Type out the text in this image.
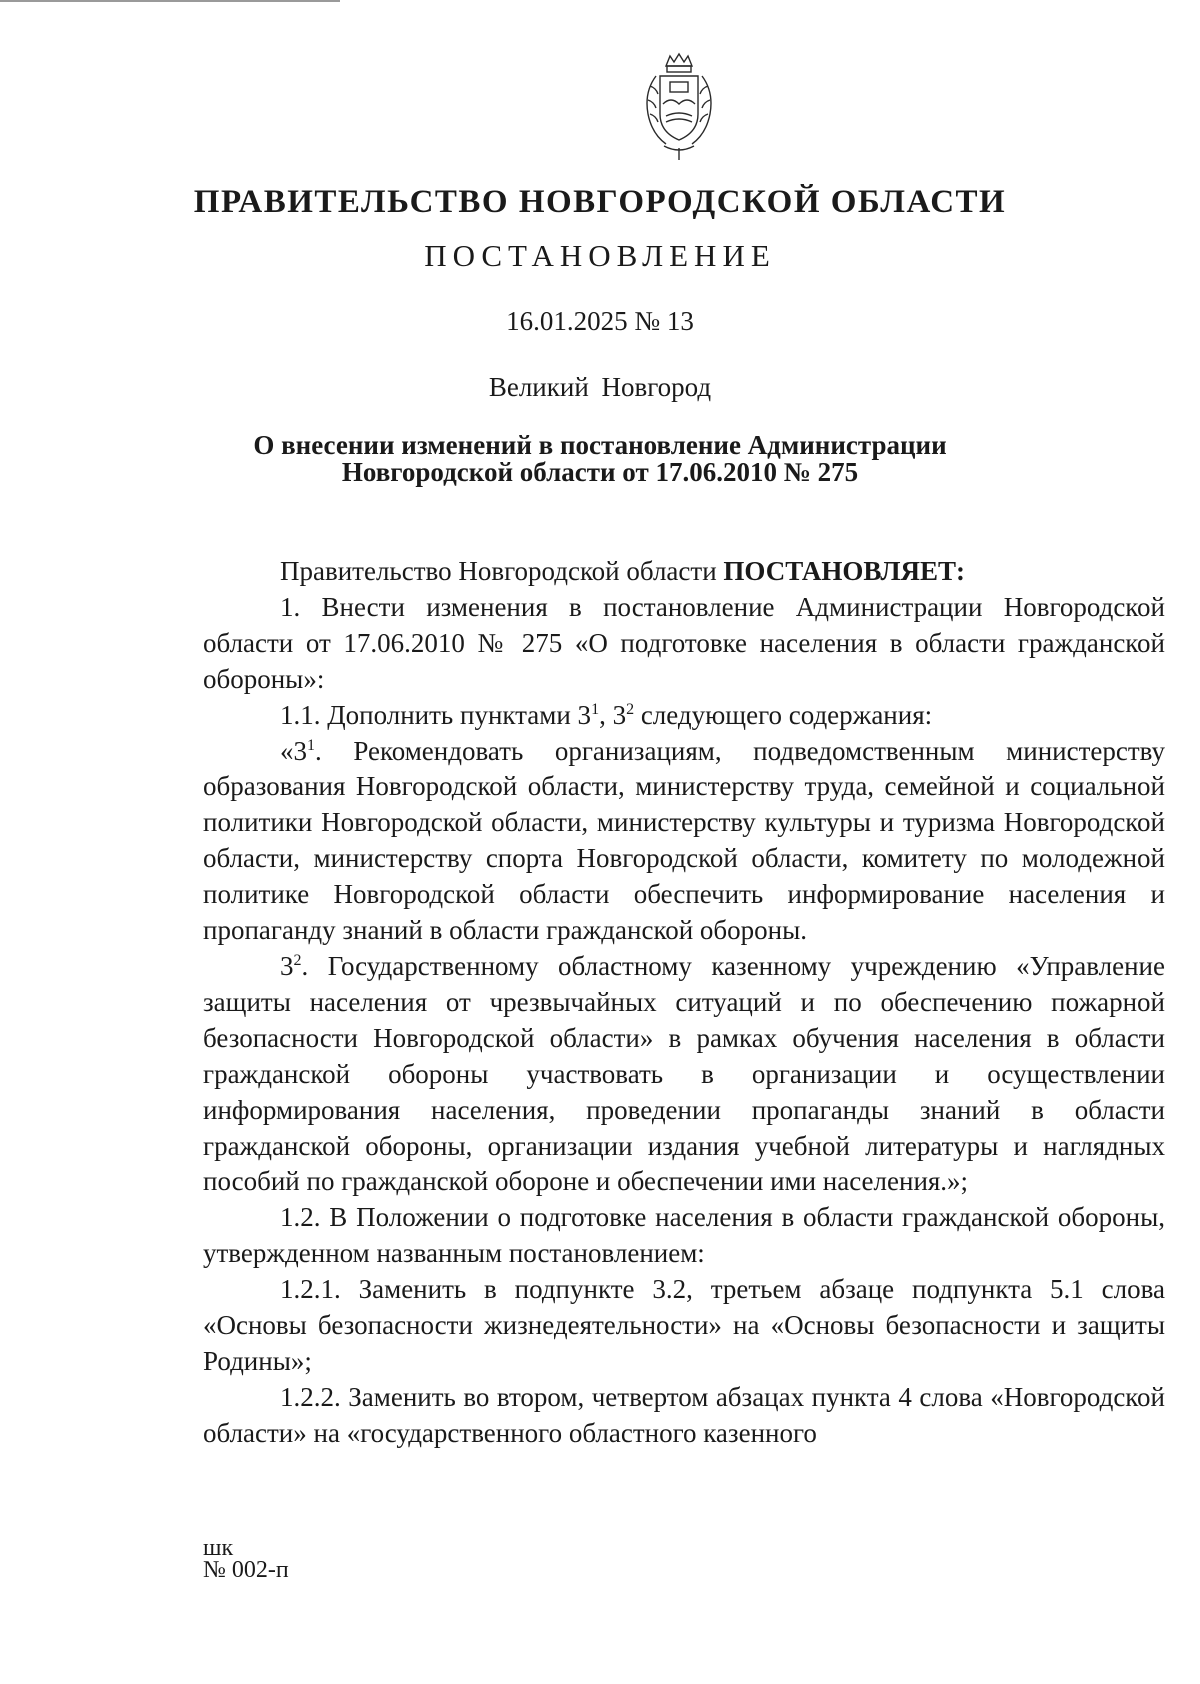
ПРАВИТЕЛЬСТВО НОВГОРОДСКОЙ ОБЛАСТИ
ПОСТАНОВЛЕНИЕ
16.01.2025 № 13
Великий Новгород
О внесении изменений в постановление Администрации
Новгородской области от 17.06.2010 № 275

Правительство Новгородской области ПОСТАНОВЛЯЕТ:

1. Внести изменения в постановление Администрации Новгородской области от 17.06.2010 № 275 «О подготовке населения в области гражданской обороны»:

1.1. Дополнить пунктами $3^1$, $3^2$ следующего содержания:

«$3^1$. Рекомендовать организациям, подведомственным министерству образования Новгородской области, министерству труда, семейной и социальной политики Новгородской области, министерству культуры и туризма Новгородской области, министерству спорта Новгородской области, комитету по молодежной политике Новгородской области обеспечить информирование населения и пропаганду знаний в области гражданской обороны.

$3^2$. Государственному областному казенному учреждению «Управление защиты населения от чрезвычайных ситуаций и по обеспечению пожарной безопасности Новгородской области» в рамках обучения населения в области гражданской обороны участвовать в организации и осуществлении информирования населения, проведении пропаганды знаний в области гражданской обороны, организации издания учебной литературы и наглядных пособий по гражданской обороне и обеспечении ими населения.»;

1.2. В Положении о подготовке населения в области гражданской обороны, утвержденном названным постановлением:

1.2.1. Заменить в подпункте 3.2, третьем абзаце подпункта 5.1 слова «Основы безопасности жизнедеятельности» на «Основы безопасности и защиты Родины»;

1.2.2. Заменить во втором, четвертом абзацах пункта 4 слова «Новгородской области» на «государственного областного казенного

шк
№ 002-п
